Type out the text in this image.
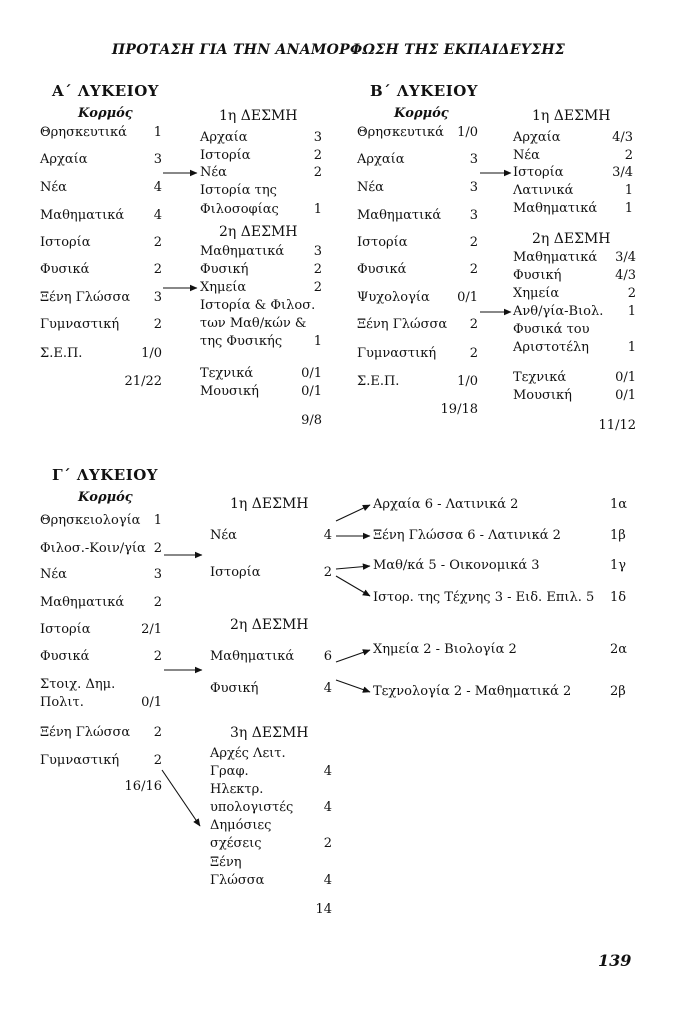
ΠΡΟΤΑΣΗ ΓΙΑ ΤΗΝ ΑΝΑΜΟΡΦΩΣΗ ΤΗΣ ΕΚΠΑΙΔΕΥΣΗΣ
Α΄ ΛΥΚΕΙΟΥ
Κορμός
Θρησκευτικά	1
Αρχαία	3
Νέα	4
Μαθηματικά	4
Ιστορία	2
Φυσικά	2
Ξένη Γλώσσα	3
Γυμναστική	2
Σ.Ε.Π.	1/0
21/22
1η ΔΕΣΜΗ
Αρχαία	3
Ιστορία	2
Νέα	2
Ιστορία της
Φιλοσοφίας	1
2η ΔΕΣΜΗ
Μαθηματικά	3
Φυσική	2
Χημεία	2
Ιστορία & Φιλοσ.
των Μαθ/κών &
της Φυσικής	1
Τεχνικά	0/1
Μουσική	0/1
9/8
Β΄ ΛΥΚΕΙΟΥ
Κορμός
Θρησκευτικά	1/0
Αρχαία	3
Νέα	3
Μαθηματικά	3
Ιστορία	2
Φυσικά	2
Ψυχολογία	0/1
Ξένη Γλώσσα	2
Γυμναστική	2
Σ.Ε.Π.	1/0
19/18
1η ΔΕΣΜΗ
Αρχαία	4/3
Νέα	2
Ιστορία	3/4
Λατινικά	1
Μαθηματικά	1
2η ΔΕΣΜΗ
Μαθηματικά	3/4
Φυσική	4/3
Χημεία	2
Ανθ/γία-Βιολ.	1
Φυσικά του
Αριστοτέλη	1
Τεχνικά	0/1
Μουσική	0/1
11/12
Γ΄ ΛΥΚΕΙΟΥ
Κορμός
Θρησκειολογία	1
Φιλοσ.-Κοιν/γία 2
Νέα	3
Μαθηματικά	2
Ιστορία	2/1
Φυσικά	2
Στοιχ. Δημ.
Πολιτ.	0/1
Ξένη Γλώσσα	2
Γυμναστική	2
16/16
1η ΔΕΣΜΗ
Νέα	4
Ιστορία	2
2η ΔΕΣΜΗ
Μαθηματικά	6
Φυσική	4
3η ΔΕΣΜΗ
Αρχές Λειτ.
Γραφ.	4
Ηλεκτρ.
υπολογιστές	4
Δημόσιες
σχέσεις	2
Ξένη
Γλώσσα	4
14
Αρχαία 6 - Λατινικά 2	1α
Ξένη Γλώσσα 6 - Λατινικά 2	1β
Μαθ/κά 5 - Οικονομικά 3	1γ
Ιστορ. της Τέχνης 3 - Ειδ. Επιλ. 5 1δ
Χημεία 2 - Βιολογία 2	2α
Τεχνολογία 2 - Μαθηματικά 2	2β
139
